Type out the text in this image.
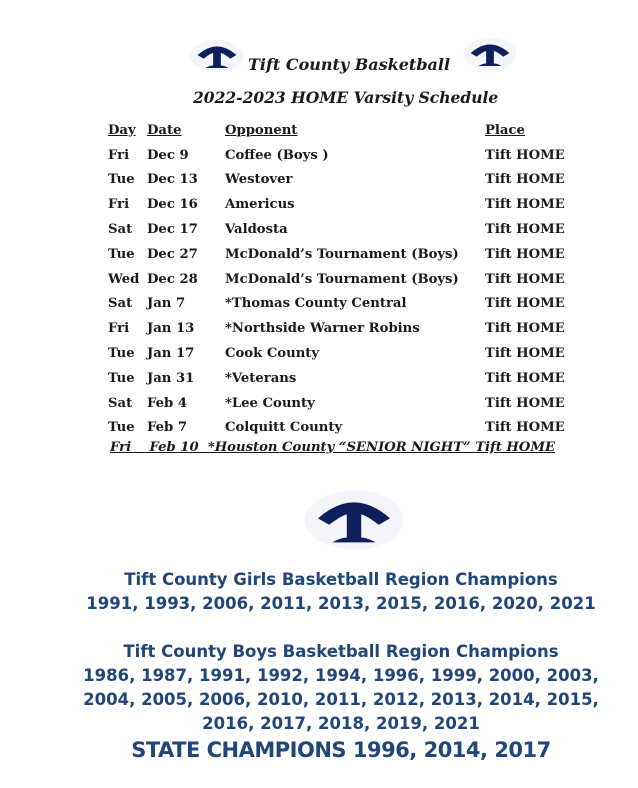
Tift County Basketball
2022-2023 HOME Varsity Schedule
Day	Date	Opponent	Place
Fri	Dec 9	Coffee (Boys )	Tift HOME
Tue	Dec 13	Westover	Tift HOME
Fri	Dec 16	Americus	Tift HOME
Sat	Dec 17	Valdosta	Tift HOME
Tue	Dec 27	McDonald’s Tournament (Boys)	Tift HOME
Wed	Dec 28	McDonald’s Tournament (Boys)	Tift HOME
Sat	Jan 7	*Thomas County Central	Tift HOME
Fri	Jan 13	*Northside Warner Robins	Tift HOME
Tue	Jan 17	Cook County	Tift HOME
Tue	Jan 31	*Veterans	Tift HOME
Sat	Feb 4	*Lee County	Tift HOME
Tue	Feb 7	Colquitt County	Tift HOME
Fri    Feb 10  *Houston County “SENIOR NIGHT” Tift HOME
Tift County Girls Basketball Region Champions
1991, 1993, 2006, 2011, 2013, 2015, 2016, 2020, 2021
Tift County Boys Basketball Region Champions
1986, 1987, 1991, 1992, 1994, 1996, 1999, 2000, 2003,
2004, 2005, 2006, 2010, 2011, 2012, 2013, 2014, 2015,
2016, 2017, 2018, 2019, 2021
STATE CHAMPIONS 1996, 2014, 2017
